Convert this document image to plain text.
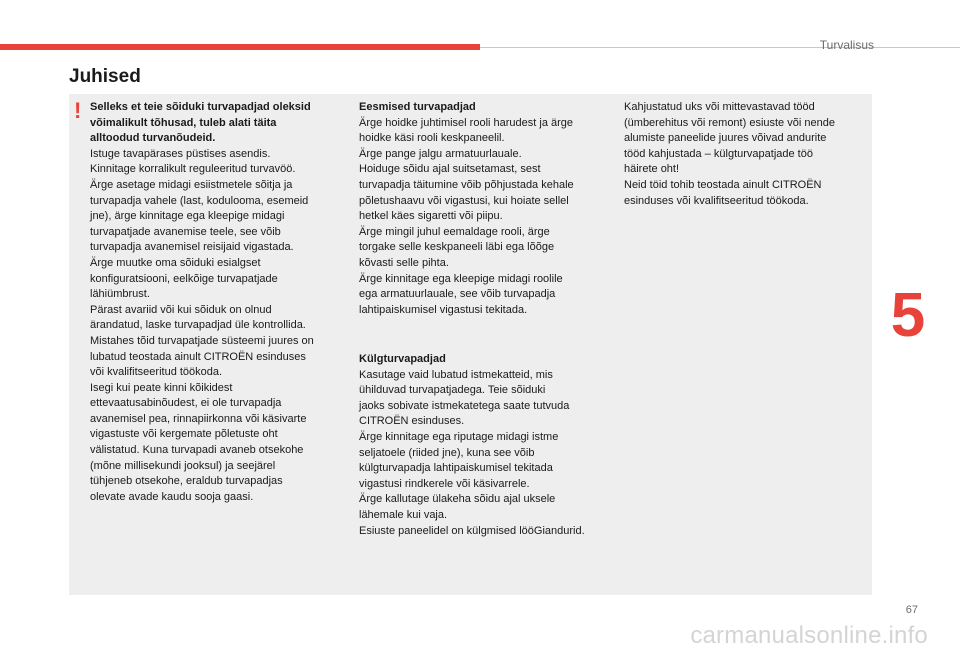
Turvalisus
Juhised
! Selleks et teie sõiduki turvapadjad oleksid
võimalikult tõhusad, tuleb alati täita
alltoodud turvanõudeid.
Istuge tavapärases püstises asendis.
Kinnitage korralikult reguleeritud turvavöö.
Ärge asetage midagi esiistmetele sõitja ja
turvapadja vahele (last, kodulooma, esemeid
jne), ärge kinnitage ega kleepige midagi
turvapatjade avanemise teele, see võib
turvapadja avanemisel reisijaid vigastada.
Ärge muutke oma sõiduki esialgset
konfiguratsiooni, eelkõige turvapatjade
lähiümbrust.
Pärast avariid või kui sõiduk on olnud
ärandatud, laske turvapadjad üle kontrollida.
Mistahes tõid turvapatjade süsteemi juures on
lubatud teostada ainult CITROËN esinduses
või kvalifitseeritud töökoda.
Isegi kui peate kinni kõikidest
ettevaatusabinõudest, ei ole turvapadja
avanemisel pea, rinnapiirkonna või käsivarte
vigastuste või kergemate põletuste oht
välistatud. Kuna turvapadi avaneb otsekohe
(mõne millisekundi jooksul) ja seejärel
tühjeneb otsekohe, eraldub turvapadjas
olevate avade kaudu sooja gaasi.
Eesmised turvapadjad
Ärge hoidke juhtimisel rooli harudest ja ärge
hoidke käsi rooli keskpaneelil.
Ärge pange jalgu armatuurlauale.
Hoiduge sõidu ajal suitsetamast, sest
turvapadja täitumine võib põhjustada kehale
põletushaavu või vigastusi, kui hoiate sellel
hetkel käes sigaretti või piipu.
Ärge mingil juhul eemaldage rooli, ärge
torgake selle keskpaneeli läbi ega lõõge
kõvasti selle pihta.
Ärge kinnitage ega kleepige midagi roolile
ega armatuurlauale, see võib turvapadja
lahtipaiskumisel vigastusi tekitada.
Külgturvapadjad
Kasutage vaid lubatud istmekatteid, mis
ühilduvad turvapatjadega. Teie sõiduki
jaoks sobivate istmekatetega saate tutvuda
CITROËN esinduses.
Ärge kinnitage ega riputage midagi istme
seljatoele (riided jne), kuna see võib
külgturvapadja lahtipaiskumisel tekitada
vigastusi rindkerele või käsivarrele.
Ärge kallutage ülakeha sõidu ajal uksele
lähemale kui vaja.
Esiuste paneelidel on külgmised lööGiandurid.
Kahjustatud uks või mittevastavad tööd
(ümberehitus või remont) esiuste või nende
alumiste paneelide juures võivad andurite
tööd kahjustada – külgturvapatjade töö
häirete oht!
Neid töid tohib teostada ainult CITROËN
esinduses või kvalifitseeritud töökoda.
5
67
carmanualsonline.info
